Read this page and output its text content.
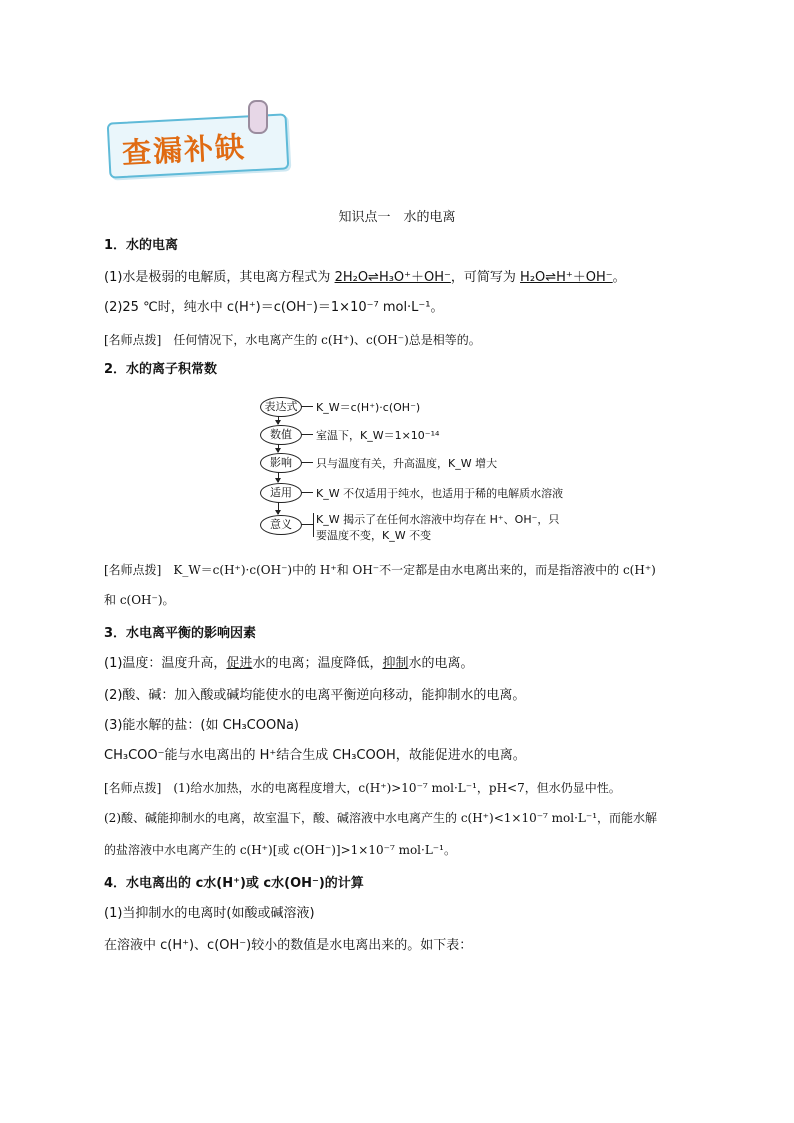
查漏补缺
知识点一　水的电离
1．水的电离
(1)水是极弱的电解质，其电离方程式为 2H₂O⇌H₃O⁺＋OH⁻，可简写为 H₂O⇌H⁺＋OH⁻。
(2)25 ℃时，纯水中 c(H⁺)＝c(OH⁻)＝1×10⁻⁷ mol·L⁻¹。
[名师点拨]　任何情况下，水电离产生的 c(H⁺)、c(OH⁻)总是相等的。
2．水的离子积常数
表达式
数值
影响
适用
意义
K_W＝c(H⁺)·c(OH⁻)
室温下，K_W＝1×10⁻¹⁴
只与温度有关，升高温度，K_W 增大
K_W 不仅适用于纯水，也适用于稀的电解质水溶液
K_W 揭示了在任何水溶液中均存在 H⁺、OH⁻，只
要温度不变，K_W 不变
[名师点拨]　K_W＝c(H⁺)·c(OH⁻)中的 H⁺和 OH⁻不一定都是由水电离出来的，而是指溶液中的 c(H⁺)
和 c(OH⁻)。
3．水电离平衡的影响因素
(1)温度：温度升高，促进水的电离；温度降低，抑制水的电离。
(2)酸、碱：加入酸或碱均能使水的电离平衡逆向移动，能抑制水的电离。
(3)能水解的盐：(如 CH₃COONa)
CH₃COO⁻能与水电离出的 H⁺结合生成 CH₃COOH，故能促进水的电离。
[名师点拨]　(1)给水加热，水的电离程度增大，c(H⁺)>10⁻⁷ mol·L⁻¹，pH<7，但水仍显中性。
(2)酸、碱能抑制水的电离，故室温下，酸、碱溶液中水电离产生的 c(H⁺)<1×10⁻⁷ mol·L⁻¹，而能水解
的盐溶液中水电离产生的 c(H⁺)[或 c(OH⁻)]>1×10⁻⁷ mol·L⁻¹。
4．水电离出的 c水(H⁺)或 c水(OH⁻)的计算
(1)当抑制水的电离时(如酸或碱溶液)
在溶液中 c(H⁺)、c(OH⁻)较小的数值是水电离出来的。如下表：
